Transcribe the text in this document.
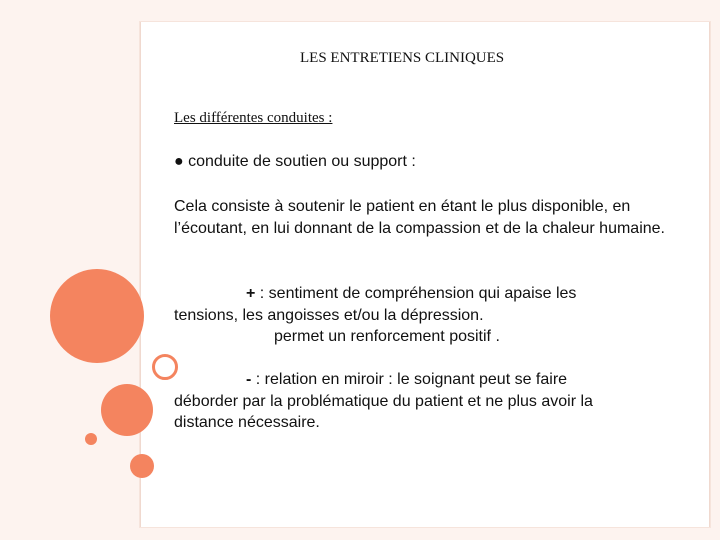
LES ENTRETIENS CLINIQUES
Les différentes conduites :
● conduite de soutien ou support :
Cela consiste à soutenir le patient en étant le plus disponible, en l’écoutant, en lui donnant de la compassion et de la chaleur humaine.
+ : sentiment de compréhension qui apaise les
tensions, les angoisses et/ou la dépression.
permet un renforcement positif .
- : relation en miroir : le soignant peut se faire
déborder par la problématique du patient et ne plus avoir la
distance nécessaire.
